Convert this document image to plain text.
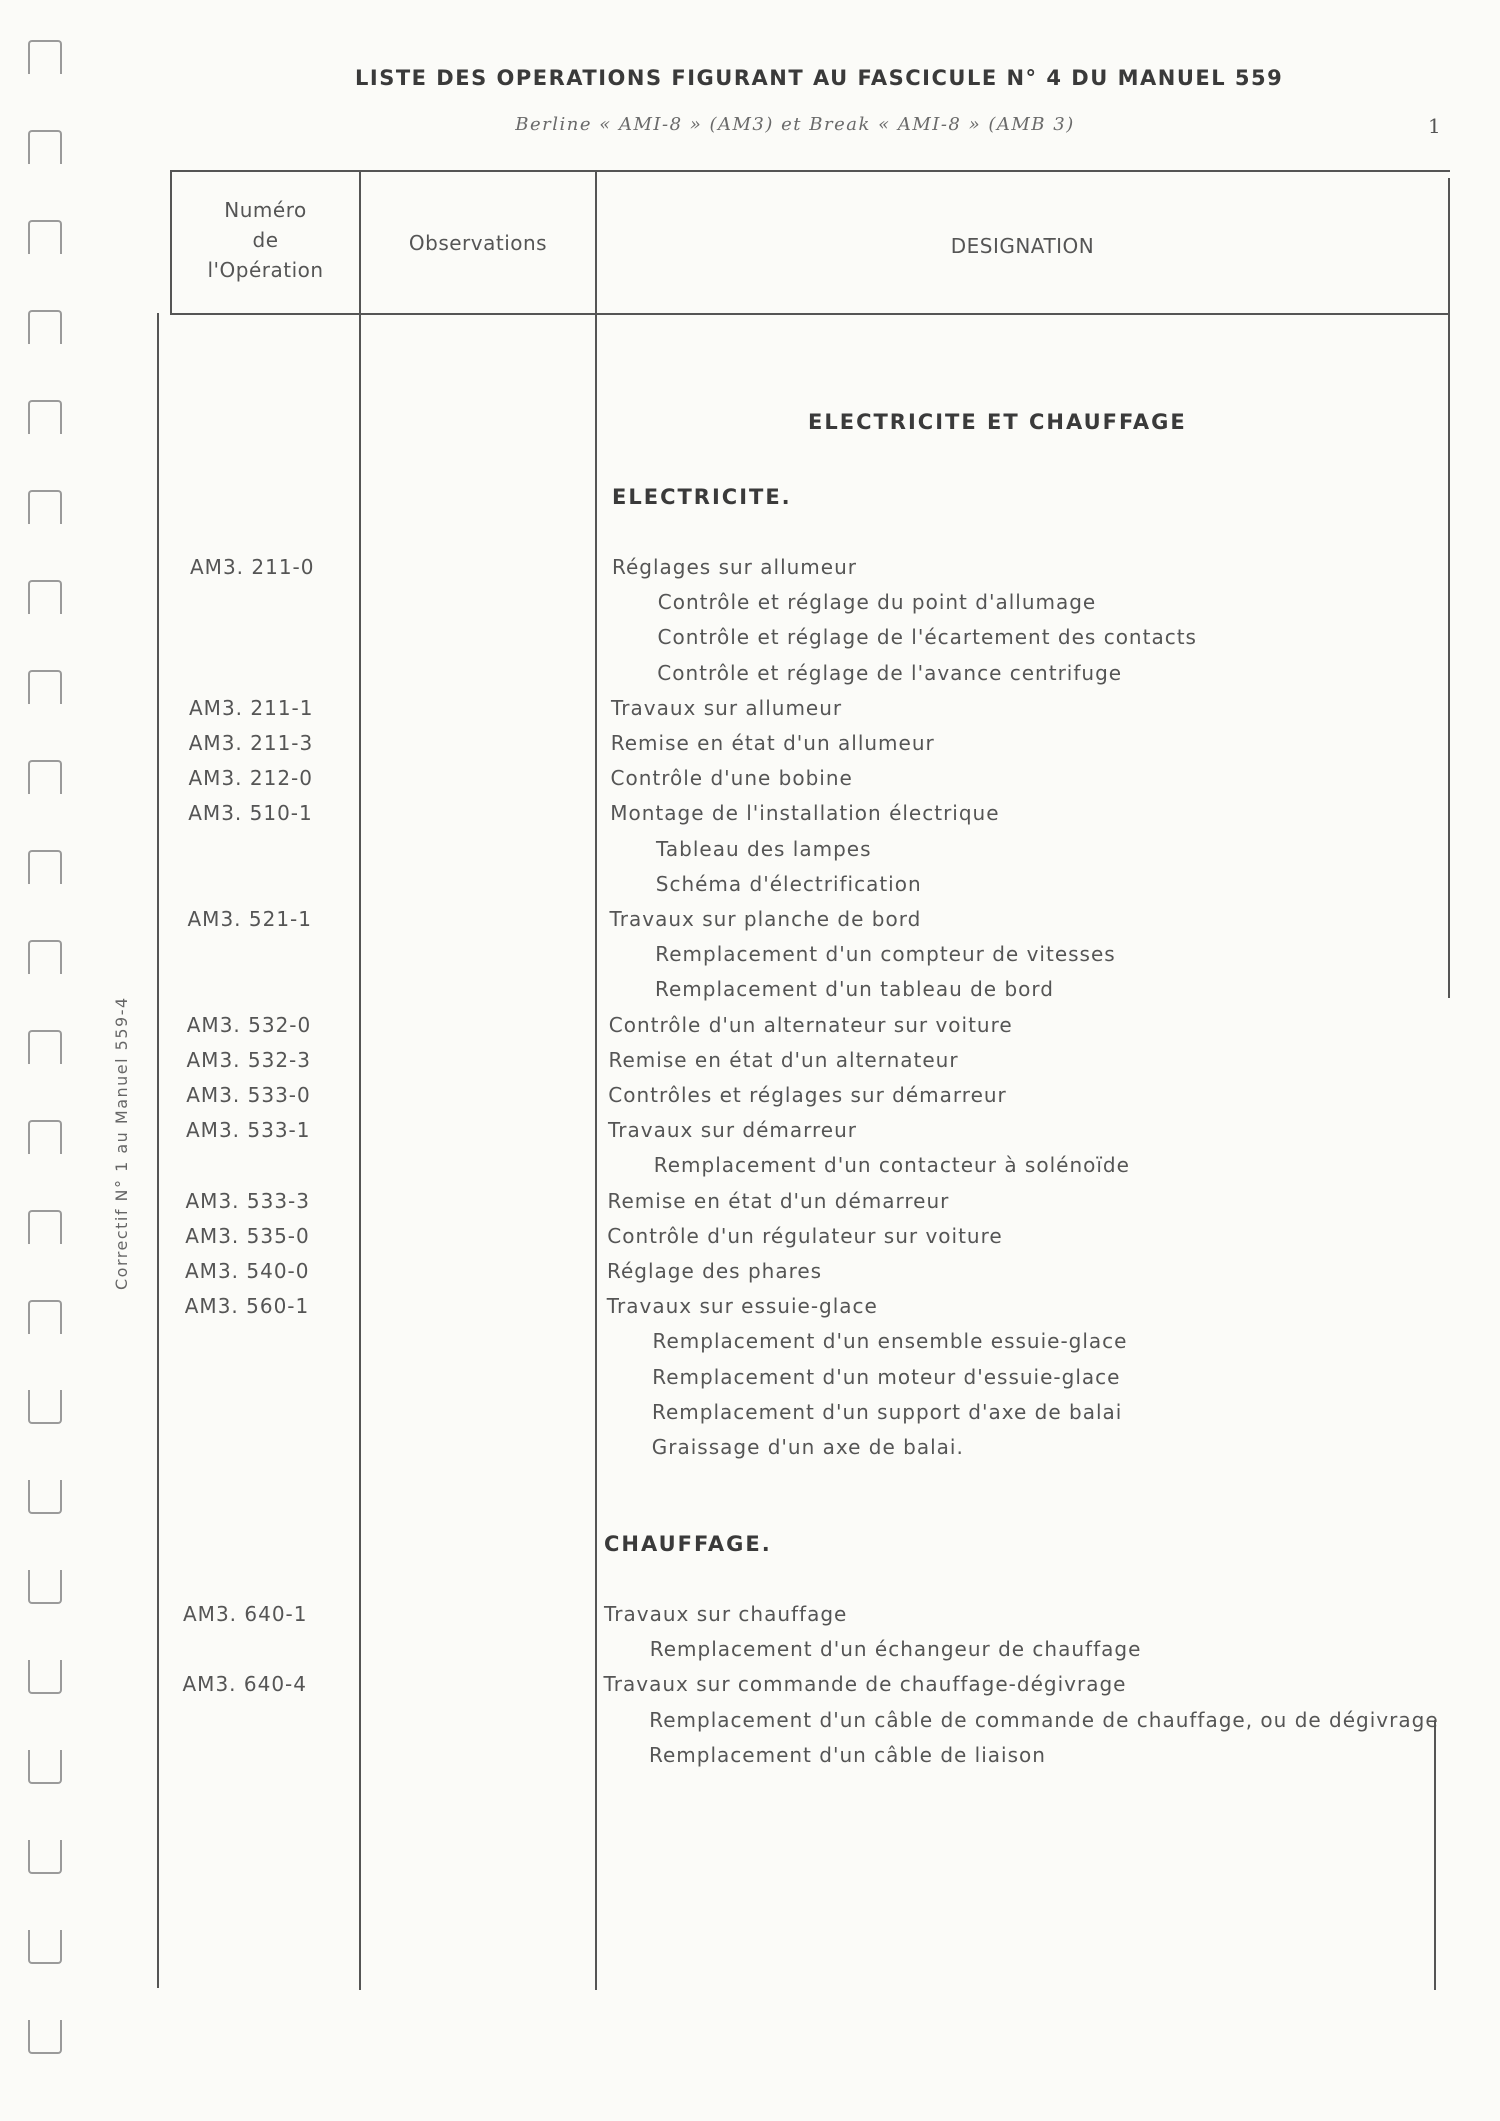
LISTE DES OPERATIONS FIGURANT AU FASCICULE N° 4 DU MANUEL 559
Berline « AMI-8 » (AM3) et Break « AMI-8 » (AMB 3)	1
Correctif N° 1 au Manuel 559-4
Numéro
de
l'Opération
Observations	DESIGNATION
ELECTRICITE ET CHAUFFAGE
ELECTRICITE.
AM3. 211-0	Réglages sur allumeur
Contrôle et réglage du point d'allumage
Contrôle et réglage de l'écartement des contacts
Contrôle et réglage de l'avance centrifuge
AM3. 211-1	Travaux sur allumeur
AM3. 211-3	Remise en état d'un allumeur
AM3. 212-0	Contrôle d'une bobine
AM3. 510-1	Montage de l'installation électrique
Tableau des lampes
Schéma d'électrification
AM3. 521-1	Travaux sur planche de bord
Remplacement d'un compteur de vitesses
Remplacement d'un tableau de bord
AM3. 532-0	Contrôle d'un alternateur sur voiture
AM3. 532-3	Remise en état d'un alternateur
AM3. 533-0	Contrôles et réglages sur démarreur
AM3. 533-1	Travaux sur démarreur
Remplacement d'un contacteur à solénoïde
AM3. 533-3	Remise en état d'un démarreur
AM3. 535-0	Contrôle d'un régulateur sur voiture
AM3. 540-0	Réglage des phares
AM3. 560-1	Travaux sur essuie-glace
Remplacement d'un ensemble essuie-glace
Remplacement d'un moteur d'essuie-glace
Remplacement d'un support d'axe de balai
Graissage d'un axe de balai.
CHAUFFAGE.
AM3. 640-1	Travaux sur chauffage
Remplacement d'un échangeur de chauffage
AM3. 640-4	Travaux sur commande de chauffage-dégivrage
Remplacement d'un câble de commande de chauffage, ou de dégivrage
Remplacement d'un câble de liaison
